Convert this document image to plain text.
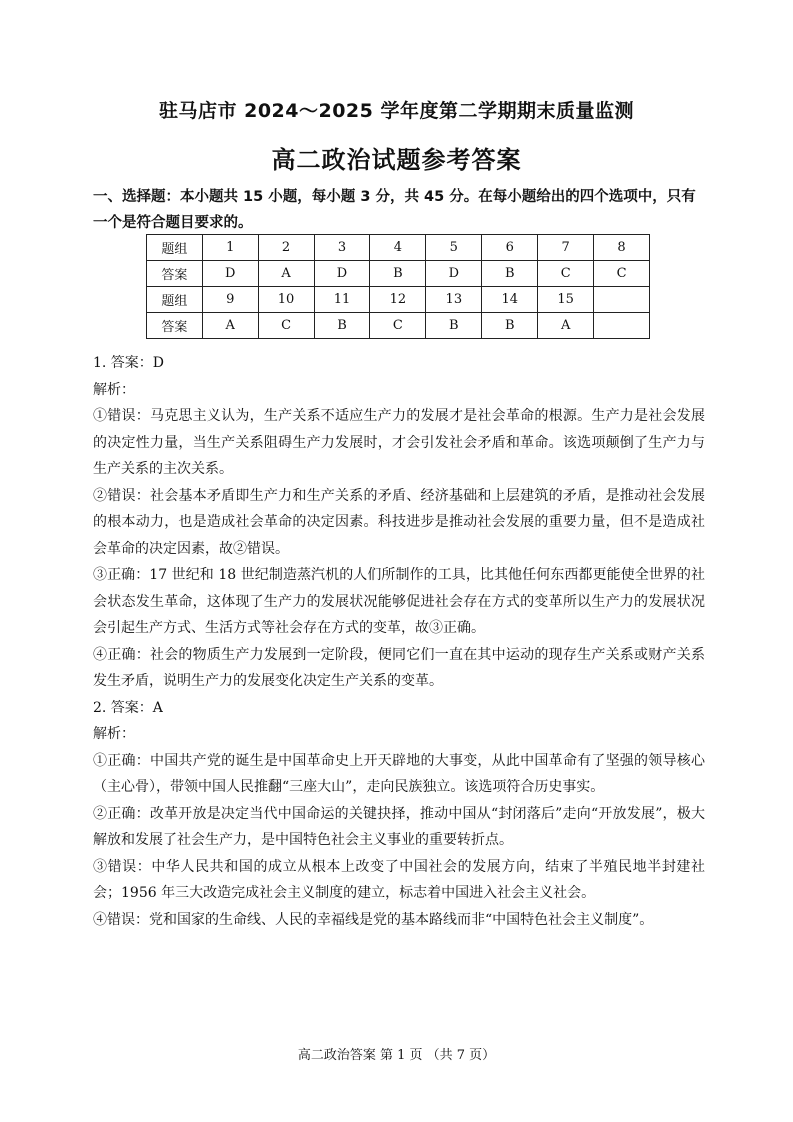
驻马店市 2024～2025 学年度第二学期期末质量监测
高二政治试题参考答案
一、选择题：本小题共 15 小题，每小题 3 分，共 45 分。在每小题给出的四个选项中，只有一个是符合题目要求的。
题组	1	2	3	4	5	6	7	8
答案	D	A	D	B	D	B	C	C
题组	9	10	11	12	13	14	15	
答案	A	C	B	C	B	B	A	

1. 答案：D

解析：

①错误：马克思主义认为，生产关系不适应生产力的发展才是社会革命的根源。生产力是社会发展的决定性力量，当生产关系阻碍生产力发展时，才会引发社会矛盾和革命。该选项颠倒了生产力与生产关系的主次关系。

②错误：社会基本矛盾即生产力和生产关系的矛盾、经济基础和上层建筑的矛盾，是推动社会发展的根本动力，也是造成社会革命的决定因素。科技进步是推动社会发展的重要力量，但不是造成社会革命的决定因素，故②错误。

③正确：17 世纪和 18 世纪制造蒸汽机的人们所制作的工具，比其他任何东西都更能使全世界的社会状态发生革命，这体现了生产力的发展状况能够促进社会存在方式的变革所以生产力的发展状况会引起生产方式、生活方式等社会存在方式的变革，故③正确。

④正确：社会的物质生产力发展到一定阶段，便同它们一直在其中运动的现存生产关系或财产关系发生矛盾，说明生产力的发展变化决定生产关系的变革。

2. 答案：A

解析：

①正确：中国共产党的诞生是中国革命史上开天辟地的大事变，从此中国革命有了坚强的领导核心（主心骨），带领中国人民推翻“三座大山”，走向民族独立。该选项符合历史事实。

②正确：改革开放是决定当代中国命运的关键抉择，推动中国从“封闭落后”走向“开放发展”，极大解放和发展了社会生产力，是中国特色社会主义事业的重要转折点。

③错误：中华人民共和国的成立从根本上改变了中国社会的发展方向，结束了半殖民地半封建社会；1956 年三大改造完成社会主义制度的建立，标志着中国进入社会主义社会。

④错误：党和国家的生命线、人民的幸福线是党的基本路线而非“中国特色社会主义制度”。

高二政治答案 第 1 页 （共 7 页）
